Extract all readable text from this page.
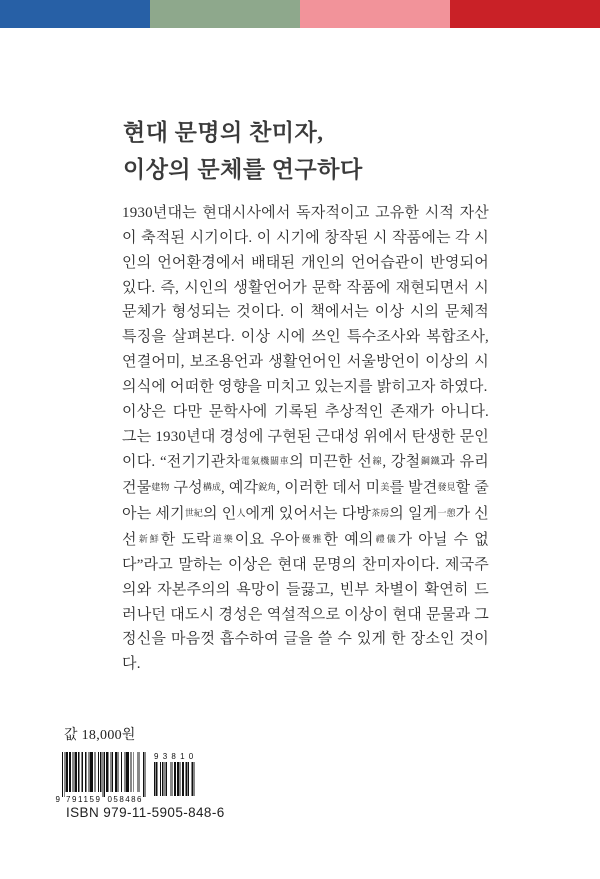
현대 문명의 찬미자,
이상의 문체를 연구하다

1930년대는 현대시사에서 독자적이고 고유한 시적 자산이 축적된 시기이다. 이 시기에 창작된 시 작품에는 각 시인의 언어환경에서 배태된 개인의 언어습관이 반영되어 있다. 즉, 시인의 생활언어가 문학 작품에 재현되면서 시 문체가 형성되는 것이다. 이 책에서는 이상 시의 문체적 특징을 살펴본다. 이상 시에 쓰인 특수조사와 복합조사, 연결어미, 보조용언과 생활언어인 서울방언이 이상의 시 의식에 어떠한 영향을 미치고 있는지를 밝히고자 하였다.

이상은 다만 문학사에 기록된 추상적인 존재가 아니다. 그는 1930년대 경성에 구현된 근대성 위에서 탄생한 문인이다. “전기기관차電氣機關車의 미끈한 선線, 강철鋼鐵과 유리 건물建物 구성構成, 예각銳角, 이러한 데서 미美를 발견發見할 줄 아는 세기世紀의 인人에게 있어서는 다방茶房의 일게一憩가 신선新鮮한 도락道樂이요 우아優雅한 예의禮儀가 아닐 수 없다”라고 말하는 이상은 현대 문명의 찬미자이다. 제국주의와 자본주의의 욕망이 들끓고, 빈부 차별이 확연히 드러나던 대도시 경성은 역설적으로 이상이 현대 문물과 그 정신을 마음껏 흡수하여 글을 쓸 수 있게 한 장소인 것이다.

값 18,000원
9 791159 058486
93810
ISBN 979-11-5905-848-6
